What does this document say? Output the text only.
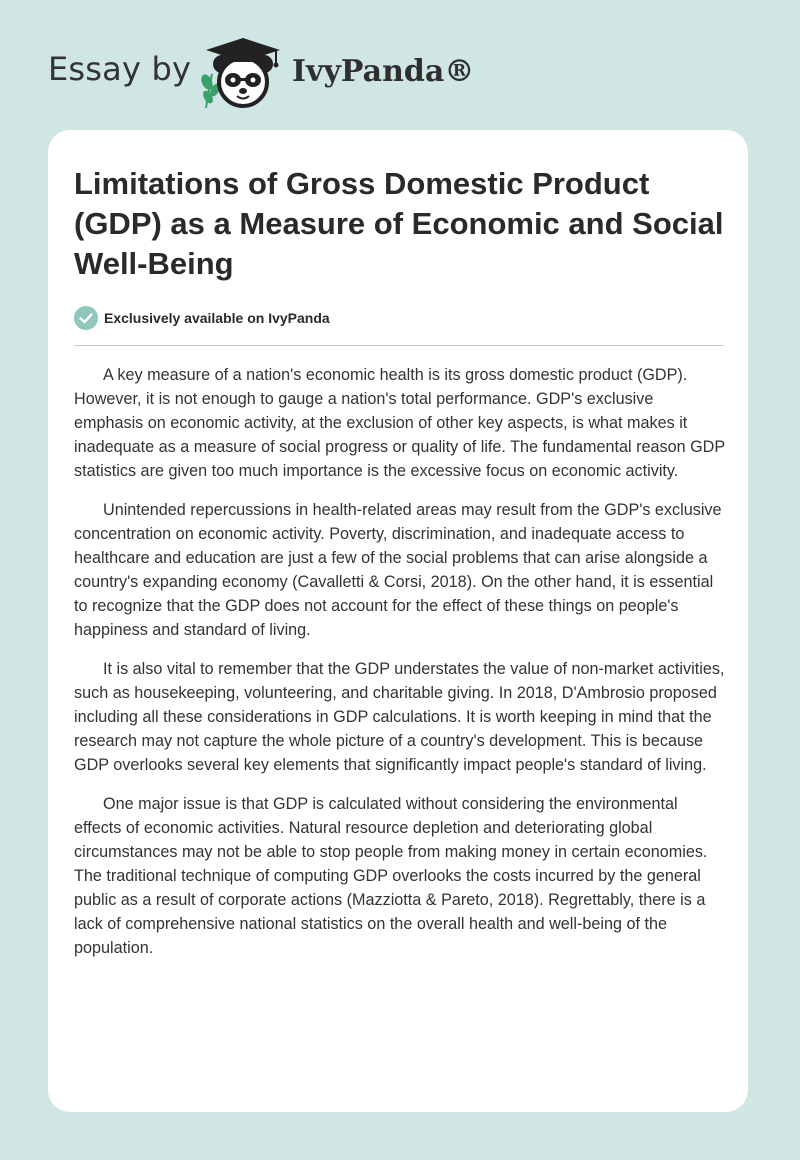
Essay by	IvyPanda®
Limitations of Gross Domestic Product (GDP) as a Measure of Economic and Social Well-Being
Exclusively available on IvyPanda

A key measure of a nation's economic health is its gross domestic product (GDP). However, it is not enough to gauge a nation's total performance. GDP's exclusive emphasis on economic activity, at the exclusion of other key aspects, is what makes it inadequate as a measure of social progress or quality of life. The fundamental reason GDP statistics are given too much importance is the excessive focus on economic activity.

Unintended repercussions in health-related areas may result from the GDP's exclusive concentration on economic activity. Poverty, discrimination, and inadequate access to healthcare and education are just a few of the social problems that can arise alongside a country's expanding economy (Cavalletti & Corsi, 2018). On the other hand, it is essential to recognize that the GDP does not account for the effect of these things on people's happiness and standard of living.

It is also vital to remember that the GDP understates the value of non-market activities, such as housekeeping, volunteering, and charitable giving. In 2018, D'Ambrosio proposed including all these considerations in GDP calculations. It is worth keeping in mind that the research may not capture the whole picture of a country's development. This is because GDP overlooks several key elements that significantly impact people's standard of living.

One major issue is that GDP is calculated without considering the environmental effects of economic activities. Natural resource depletion and deteriorating global circumstances may not be able to stop people from making money in certain economies. The traditional technique of computing GDP overlooks the costs incurred by the general public as a result of corporate actions (Mazziotta & Pareto, 2018). Regrettably, there is a lack of comprehensive national statistics on the overall health and well-being of the population.
